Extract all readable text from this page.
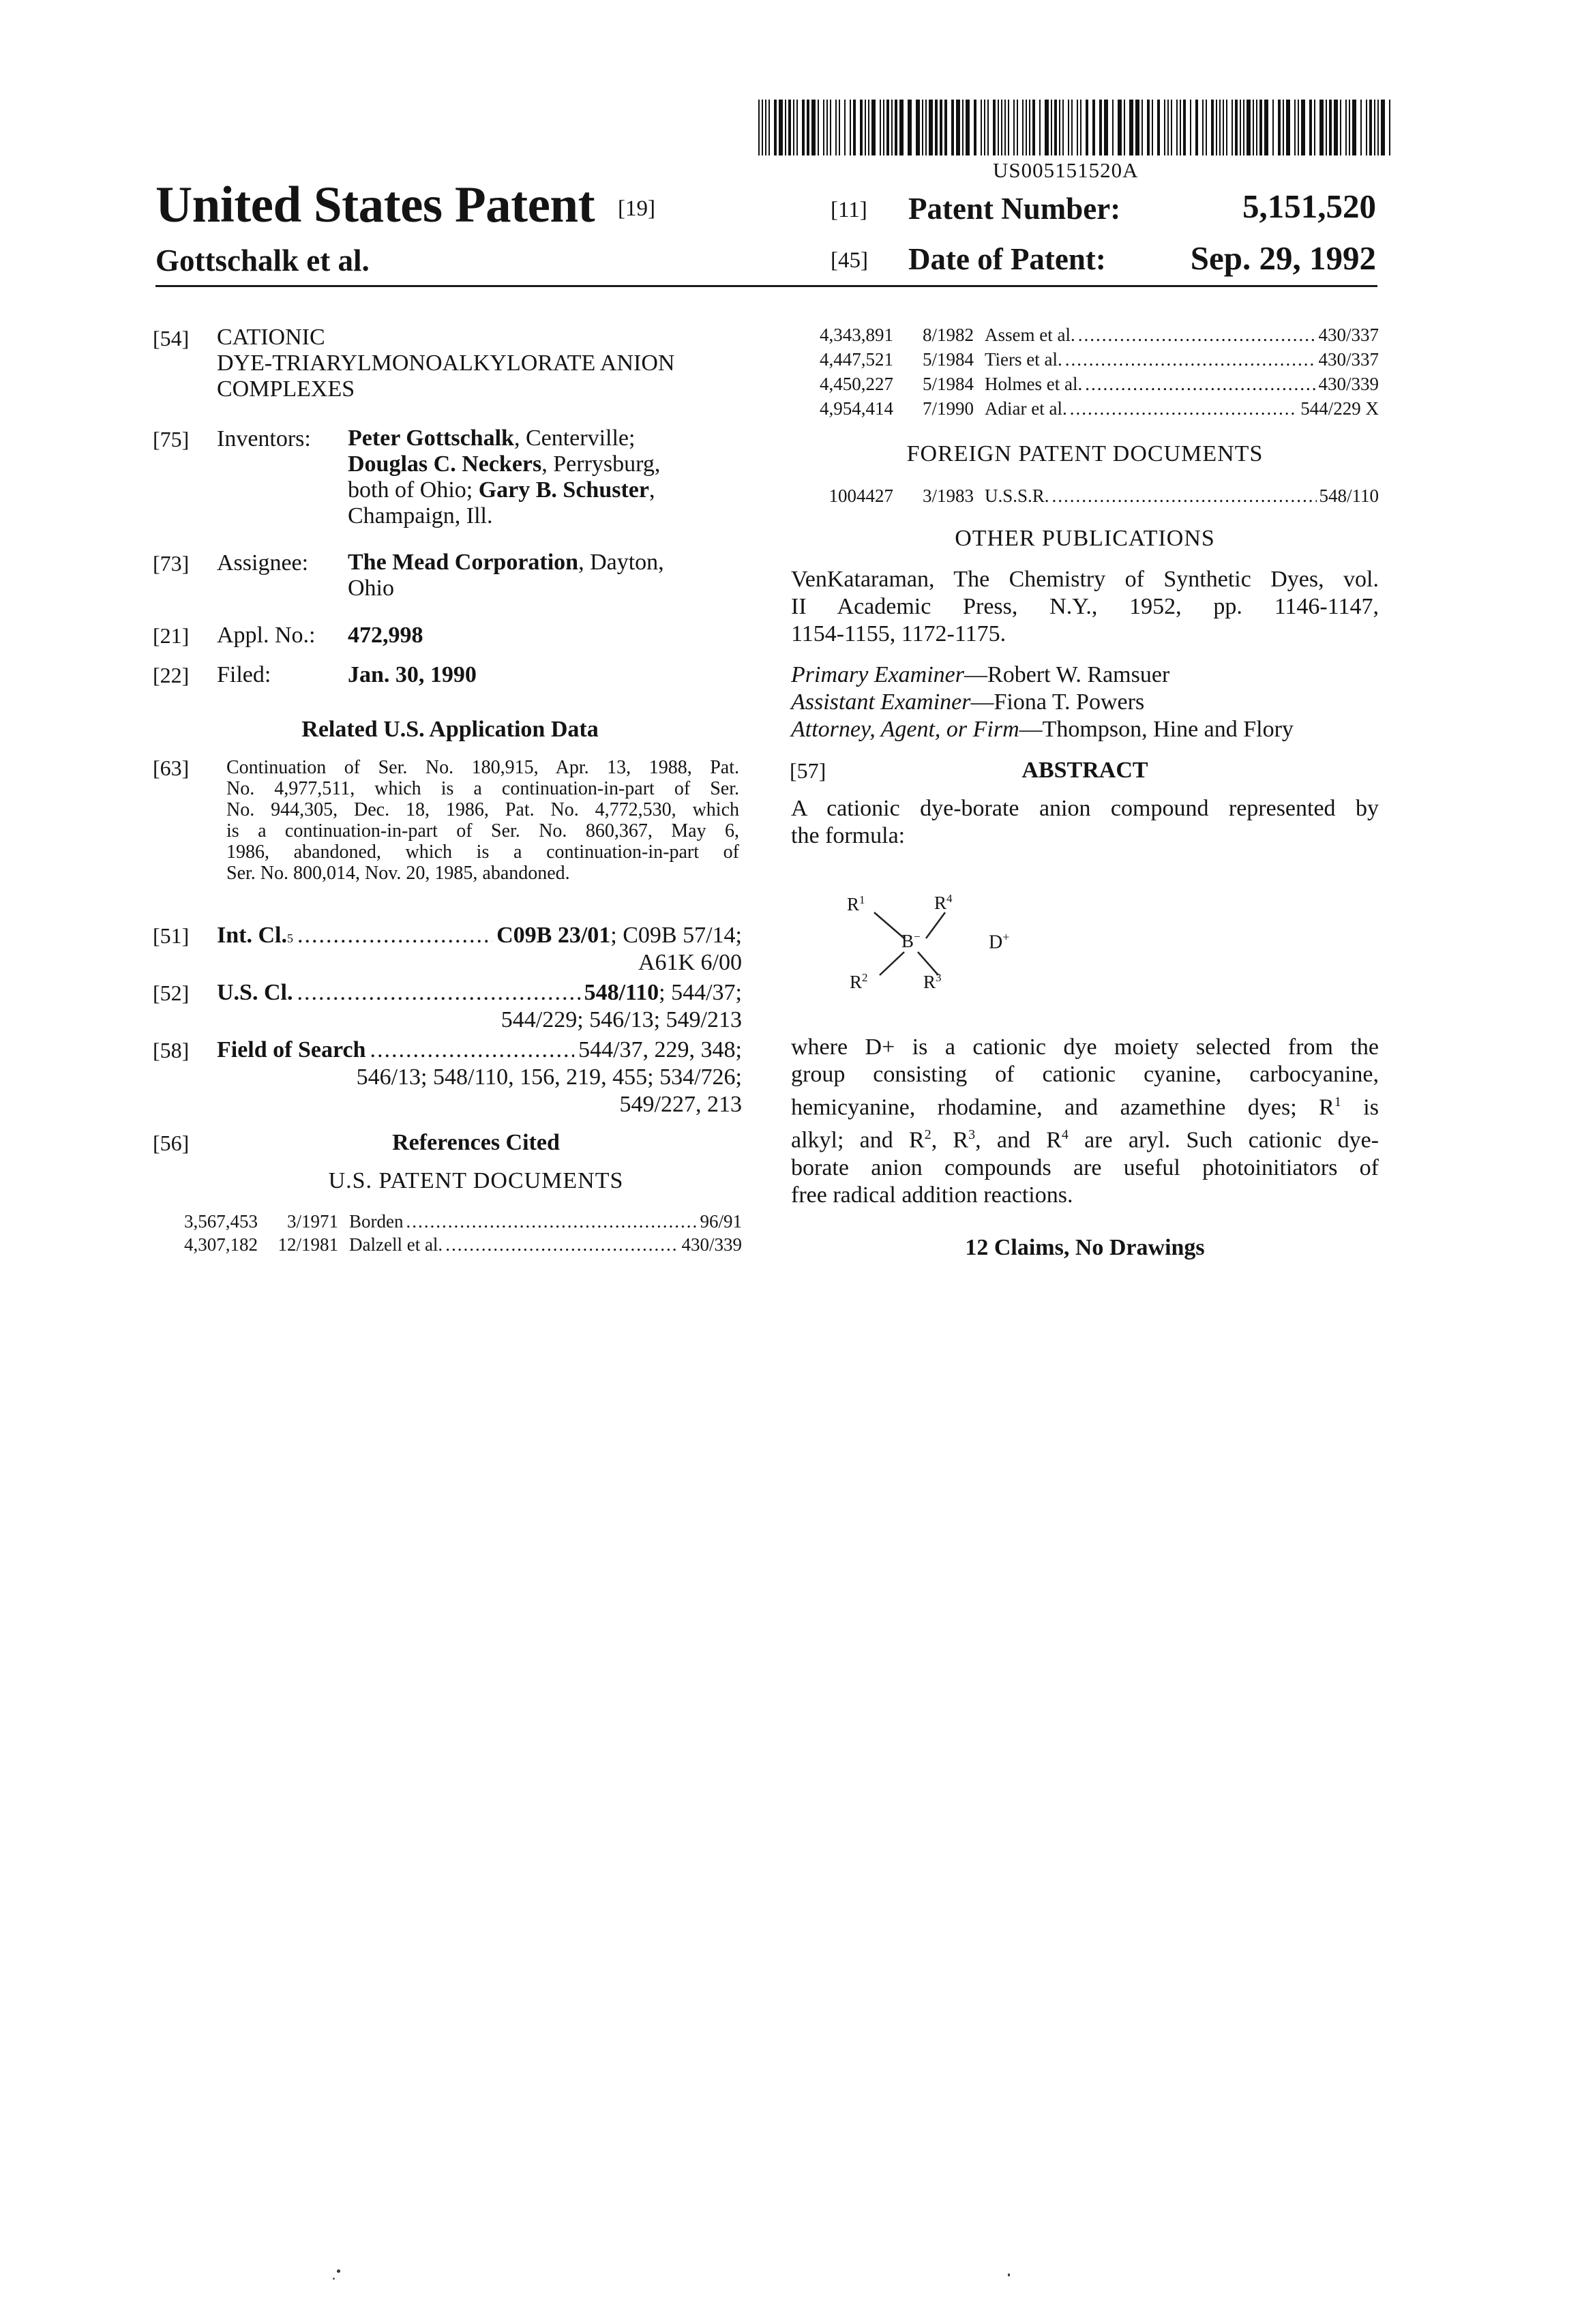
US005151520A
United States Patent [19]
Gottschalk et al.
[11] Patent Number:	5,151,520
[45] Date of Patent:	Sep. 29, 1992
[54] CATIONIC
DYE-TRIARYLMONOALKYLORATE ANION
COMPLEXES
[75] Inventors: Peter Gottschalk, Centerville;
Douglas C. Neckers, Perrysburg,
both of Ohio; Gary B. Schuster,
Champaign, Ill.
[73] Assignee: The Mead Corporation, Dayton,
Ohio
[21] Appl. No.: 472,998
[22] Filed:	Jan. 30, 1990
Related U.S. Application Data
[63] Continuation of Ser. No. 180,915, Apr. 13, 1988, Pat.
No. 4,977,511, which is a continuation-in-part of Ser.
No. 944,305, Dec. 18, 1986, Pat. No. 4,772,530, which
is a continuation-in-part of Ser. No. 860,367, May 6,
1986, abandoned, which is a continuation-in-part of
Ser. No. 800,014, Nov. 20, 1985, abandoned.
[51] Int. Cl. 5 .............................
C09B 23/01; C09B 57/14;
A61K 6/00
[52] U.S. Cl. ....................................... 548/110; 544/37;
544/229; 546/13; 549/213
[58] Field of Search ............................. 544/37, 229, 348;
546/13; 548/110, 156, 219, 455; 534/726;
549/227, 213
[56]	References Cited
U.S. PATENT DOCUMENTS
3,567,453	3/1971 Borden ................................................. 96/91
4,307,182	12/1981 Dalzell et al. ....................................... 430/339
4,343,891	8/1982 Assem et al. ........................................ 430/337
4,447,521	5/1984 Tiers et al. .......................................... 430/337
4,450,227	5/1984 Holmes et al. ...................................... 430/339
4,954,414	7/1990 Adiar et al. ...................................... 544/229 X
FOREIGN PATENT DOCUMENTS
1004427	3/1983 U.S.S.R. ............................................ 548/110
OTHER PUBLICATIONS
VenKataraman, The Chemistry of Synthetic Dyes, vol.
II Academic Press, N.Y., 1952, pp. 1146-1147,
1154-1155, 1172-1175.
Primary Examiner—Robert W. Ramsuer
Assistant Examiner—Fiona T. Powers
Attorney, Agent, or Firm—Thompson, Hine and Flory
[57]	ABSTRACT
A cationic dye-borate anion compound represented by
the formula:
R1	R4
B−
R2	R3
D+
where D+ is a cationic dye moiety selected from the
group consisting of cationic cyanine, carbocyanine,
hemicyanine, rhodamine, and azamethine dyes; R1 is
alkyl; and R2, R3, and R4 are aryl. Such cationic dye-
borate anion compounds are useful photoinitiators of
free radical addition reactions.
12 Claims, No Drawings
